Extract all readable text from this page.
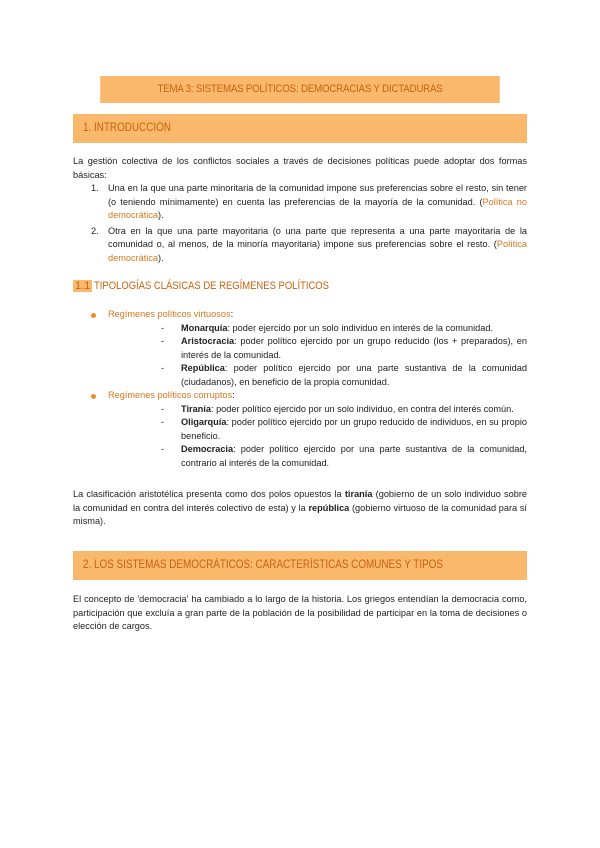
TEMA 3: SISTEMAS POLÍTICOS: DEMOCRACIAS Y DICTADURAS
1. INTRODUCCIÓN

La gestión colectiva de los conflictos sociales a través de decisiones políticas puede adoptar dos formas básicas:

1. Una en la que una parte minoritaria de la comunidad impone sus preferencias sobre el resto, sin tener (o teniendo mínimamente) en cuenta las preferencias de la mayoría de la comunidad. (Política no democrática).
2. Otra en la que una parte mayoritaria (o una parte que representa a una parte mayoritaria de la comunidad o, al menos, de la minoría mayoritaria) impone sus preferencias sobre el resto. (Política democrática).
1.1 TIPOLOGÍAS CLÁSICAS DE REGÍMENES POLÍTICOS
Regímenes políticos virtuosos:
- Monarquía: poder ejercido por un solo individuo en interés de la comunidad.
- Aristocracia: poder político ejercido por un grupo reducido (los + preparados), en interés de la comunidad.
- República: poder político ejercido por una parte sustantiva de la comunidad (ciudadanos), en beneficio de la propia comunidad.
Regímenes políticos corruptos:
- Tiranía: poder político ejercido por un solo individuo, en contra del interés común.
- Oligarquía: poder político ejercido por un grupo reducido de individuos, en su propio beneficio.
- Democracia: poder político ejercido por una parte sustantiva de la comunidad, contrario al interés de la comunidad.

La clasificación aristotélica presenta como dos polos opuestos la tiranía (gobierno de un solo individuo sobre la comunidad en contra del interés colectivo de esta) y la república (gobierno virtuoso de la comunidad para sí misma).

2. LOS SISTEMAS DEMOCRÁTICOS: CARACTERÍSTICAS COMUNES Y TIPOS

El concepto de 'democracia' ha cambiado a lo largo de la historia. Los griegos entendían la democracia como, participación que excluía a gran parte de la población de la posibilidad de participar en la toma de decisiones o elección de cargos.
